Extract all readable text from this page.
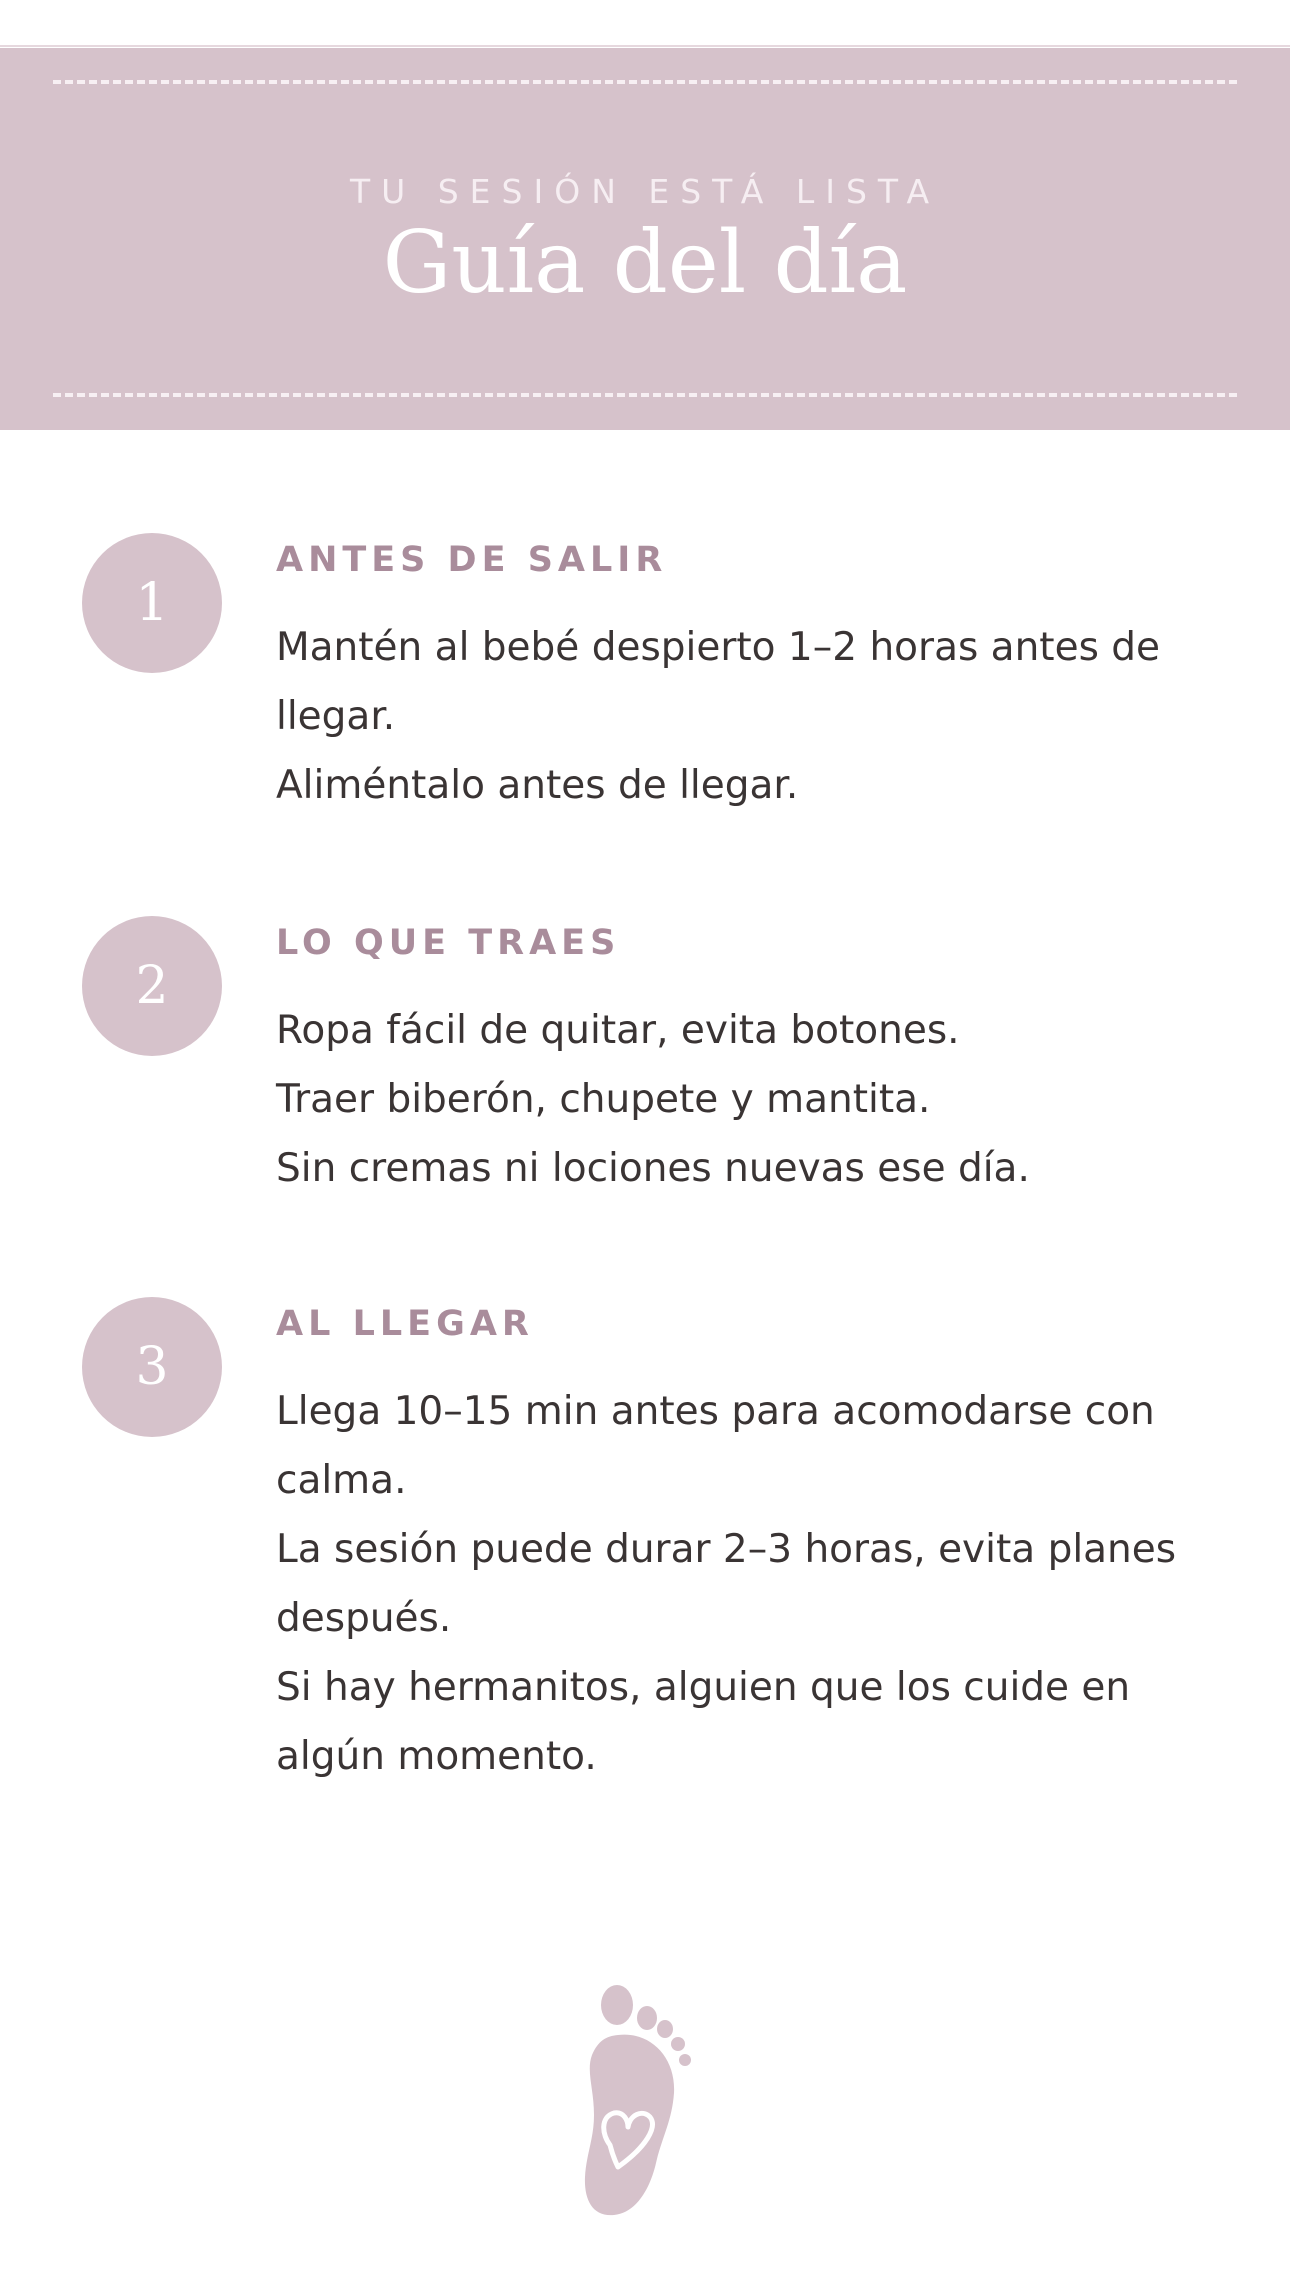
TU SESIÓN ESTÁ LISTA
Guía del día
1
ANTES DE SALIR

Mantén al bebé despierto 1–2 horas antes de llegar.

Aliméntalo antes de llegar.

2
LO QUE TRAES

Ropa fácil de quitar, evita botones.

Traer biberón, chupete y mantita.

Sin cremas ni lociones nuevas ese día.

3
AL LLEGAR

Llega 10–15 min antes para acomodarse con calma.

La sesión puede durar 2–3 horas, evita planes después.

Si hay hermanitos, alguien que los cuide en algún momento.
